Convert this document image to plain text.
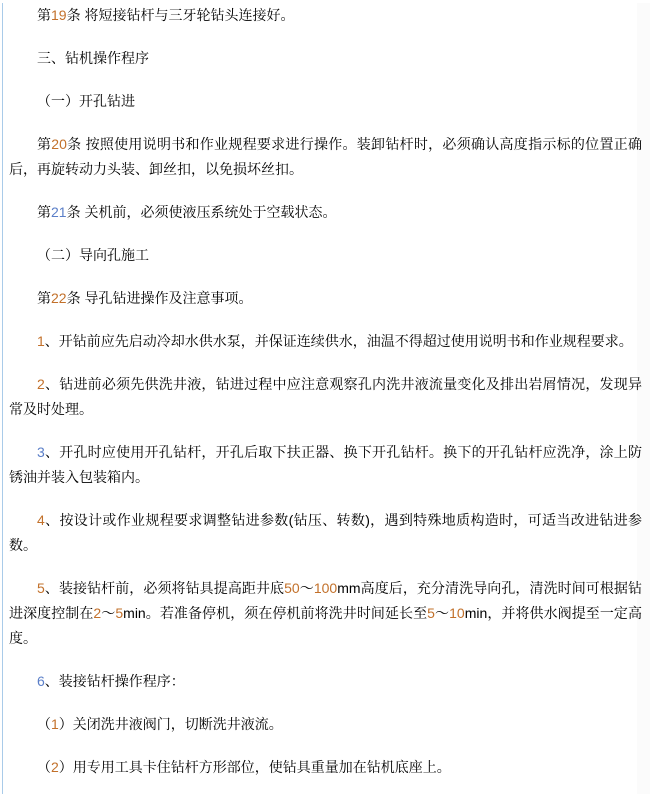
第19条 将短接钻杆与三牙轮钻头连接好。

三、钻机操作程序

（一）开孔钻进

第20条 按照使用说明书和作业规程要求进行操作。装卸钻杆时，必须确认高度指示标的位置正确后，再旋转动力头装、卸丝扣，以免损坏丝扣。

第21条 关机前，必须使液压系统处于空载状态。

（二）导向孔施工

第22条 导孔钻进操作及注意事项。

1、开钻前应先启动冷却水供水泵，并保证连续供水，油温不得超过使用说明书和作业规程要求。

2、钻进前必须先供洗井液，钻进过程中应注意观察孔内洗井液流量变化及排出岩屑情况，发现异常及时处理。

3、开孔时应使用开孔钻杆，开孔后取下扶正器、换下开孔钻杆。换下的开孔钻杆应洗净，涂上防锈油并装入包装箱内。

4、按设计或作业规程要求调整钻进参数(钻压、转数)，遇到特殊地质构造时，可适当改进钻进参数。

5、装接钻杆前，必须将钻具提高距井底50～100mm高度后，充分清洗导向孔，清洗时间可根据钻进深度控制在2～5min。若准备停机，须在停机前将洗井时间延长至5～10min，并将供水阀提至一定高度。

6、装接钻杆操作程序：

（1）关闭洗井液阀门，切断洗井液流。

（2）用专用工具卡住钻杆方形部位，使钻具重量加在钻机底座上。
